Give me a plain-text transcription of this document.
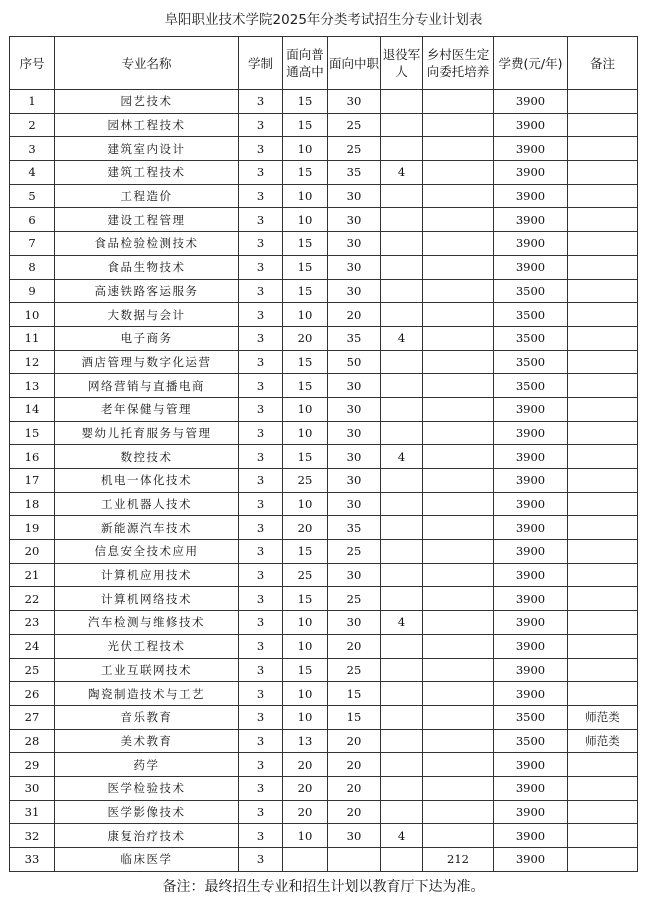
阜阳职业技术学院2025年分类考试招生分专业计划表
序号	专业名称	学制	面向普通高中	面向中职	退役军人	乡村医生定向委托培养	学费(元/年)	备注
1	园艺技术	3	15	30			3900	
2	园林工程技术	3	15	25			3900	
3	建筑室内设计	3	10	25			3900	
4	建筑工程技术	3	15	35	4		3900	
5	工程造价	3	10	30			3900	
6	建设工程管理	3	10	30			3900	
7	食品检验检测技术	3	15	30			3900	
8	食品生物技术	3	15	30			3900	
9	高速铁路客运服务	3	15	30			3500	
10	大数据与会计	3	10	20			3500	
11	电子商务	3	20	35	4		3500	
12	酒店管理与数字化运营	3	15	50			3500	
13	网络营销与直播电商	3	15	30			3500	
14	老年保健与管理	3	10	30			3900	
15	婴幼儿托育服务与管理	3	10	30			3900	
16	数控技术	3	15	30	4		3900	
17	机电一体化技术	3	25	30			3900	
18	工业机器人技术	3	10	30			3900	
19	新能源汽车技术	3	20	35			3900	
20	信息安全技术应用	3	15	25			3900	
21	计算机应用技术	3	25	30			3900	
22	计算机网络技术	3	15	25			3900	
23	汽车检测与维修技术	3	10	30	4		3900	
24	光伏工程技术	3	10	20			3900	
25	工业互联网技术	3	15	25			3900	
26	陶瓷制造技术与工艺	3	10	15			3900	
27	音乐教育	3	10	15			3500	师范类
28	美术教育	3	13	20			3500	师范类
29	药学	3	20	20			3900	
30	医学检验技术	3	20	20			3900	
31	医学影像技术	3	20	20			3900	
32	康复治疗技术	3	10	30	4		3900	
33	临床医学	3				212	3900	
备注：最终招生专业和招生计划以教育厅下达为准。
